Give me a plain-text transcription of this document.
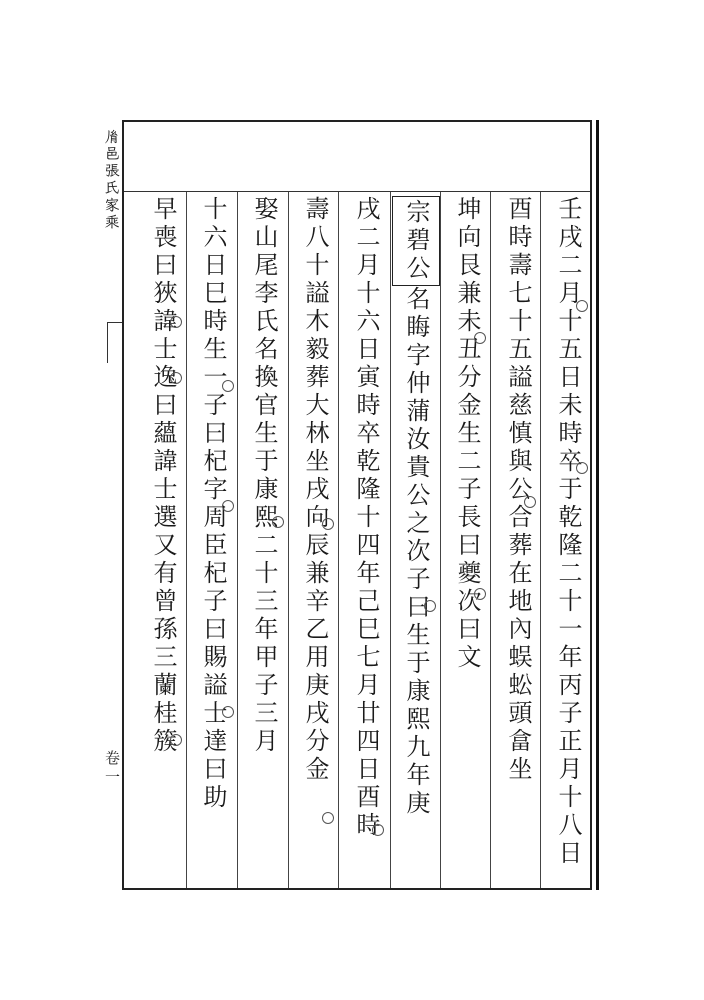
𦙍邑張氏家乘
卷一	壬戌二月十五日未時卒于乾隆二十一年丙子正月十八日
酉時壽七十五謚慈慎與公合葬在地內蜈蚣頭畣坐
坤向艮兼未丑分金生二子長曰夔次曰文
宗碧公名䀲字仲蒲汝貴公之次子曰生于康熙九年庚
戌二月十六日寅時卒乾隆十四年己巳七月廿四日酉時
壽八十謚木毅葬大林坐戌向辰兼辛乙用庚戌分金
娶山尾李氏名換官生于康熙二十三年甲子三月
十六日巳時生一子曰杞字周臣杞子曰賜謚士達曰助
早喪曰狹諱士逸曰蘊諱士選又有曾孫三蘭桂簇
